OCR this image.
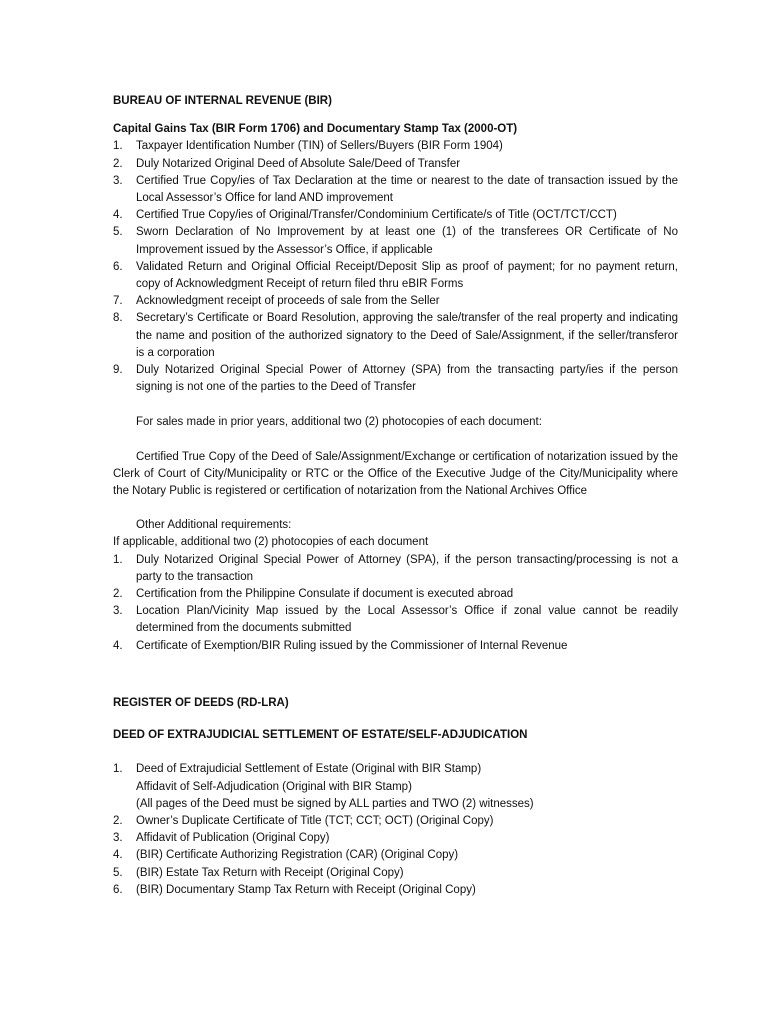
BUREAU OF INTERNAL REVENUE (BIR)

Capital Gains Tax (BIR Form 1706) and Documentary Stamp Tax (2000-OT)

1.	Taxpayer Identification Number (TIN) of Sellers/Buyers (BIR Form 1904)
2.	Duly Notarized Original Deed of Absolute Sale/Deed of Transfer
3.	Certified True Copy/ies of Tax Declaration at the time or nearest to the date of transaction issued by the Local Assessor’s Office for land AND improvement
4.	Certified True Copy/ies of Original/Transfer/Condominium Certificate/s of Title (OCT/TCT/CCT)
5.	Sworn Declaration of No Improvement by at least one (1) of the transferees OR Certificate of No Improvement issued by the Assessor’s Office, if applicable
6.	Validated Return and Original Official Receipt/Deposit Slip as proof of payment; for no payment return, copy of Acknowledgment Receipt of return filed thru eBIR Forms
7.	Acknowledgment receipt of proceeds of sale from the Seller
8.	Secretary’s Certificate or Board Resolution, approving the sale/transfer of the real property and indicating the name and position of the authorized signatory to the Deed of Sale/Assignment, if the seller/transferor is a corporation
9.	Duly Notarized Original Special Power of Attorney (SPA) from the transacting party/ies if the person signing is not one of the parties to the Deed of Transfer

For sales made in prior years, additional two (2) photocopies of each document:

Certified True Copy of the Deed of Sale/Assignment/Exchange or certification of notarization issued by the Clerk of Court of City/Municipality or RTC or the Office of the Executive Judge of the City/Municipality where the Notary Public is registered or certification of notarization from the National Archives Office

Other Additional requirements:

If applicable, additional two (2) photocopies of each document

1.	Duly Notarized Original Special Power of Attorney (SPA), if the person transacting/processing is not a party to the transaction
2.	Certification from the Philippine Consulate if document is executed abroad
3.	Location Plan/Vicinity Map issued by the Local Assessor’s Office if zonal value cannot be readily determined from the documents submitted
4.	Certificate of Exemption/BIR Ruling issued by the Commissioner of Internal Revenue

REGISTER OF DEEDS (RD-LRA)

DEED OF EXTRAJUDICIAL SETTLEMENT OF ESTATE/SELF-ADJUDICATION

1.	Deed of Extrajudicial Settlement of Estate (Original with BIR Stamp)
Affidavit of Self-Adjudication (Original with BIR Stamp)
(All pages of the Deed must be signed by ALL parties and TWO (2) witnesses)
2.	Owner’s Duplicate Certificate of Title (TCT; CCT; OCT) (Original Copy)
3.	Affidavit of Publication (Original Copy)
4.	(BIR) Certificate Authorizing Registration (CAR) (Original Copy)
5.	(BIR) Estate Tax Return with Receipt (Original Copy)
6.	(BIR) Documentary Stamp Tax Return with Receipt (Original Copy)
